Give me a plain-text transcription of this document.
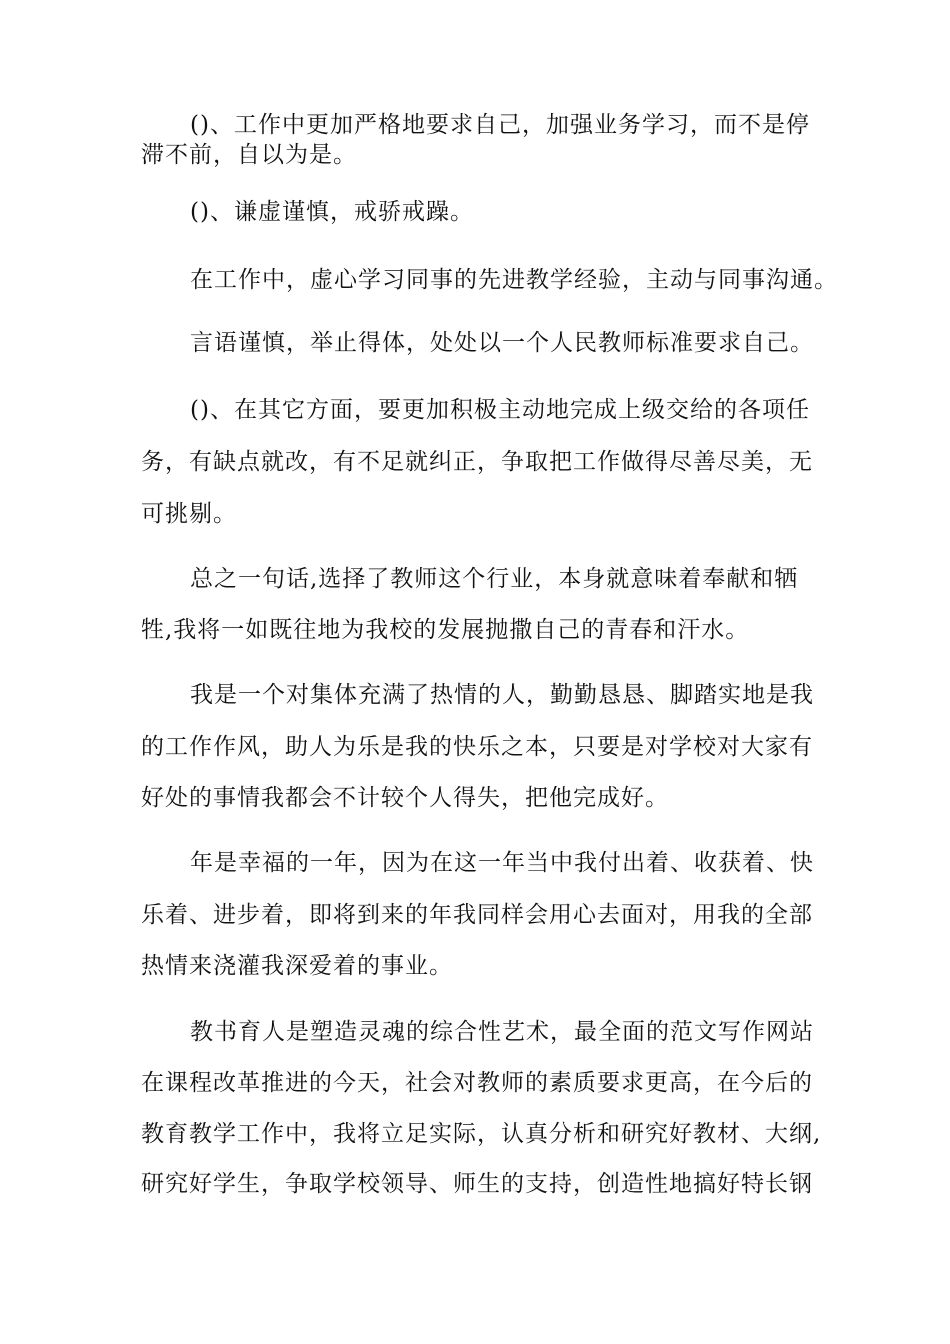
()、工作中更加严格地要求自己，加强业务学习，而不是停
滞不前，自以为是。
()、谦虚谨慎，戒骄戒躁。
在工作中，虚心学习同事的先进教学经验，主动与同事沟通。
言语谨慎，举止得体，处处以一个人民教师标准要求自己。
()、在其它方面，要更加积极主动地完成上级交给的各项任
务，有缺点就改，有不足就纠正，争取把工作做得尽善尽美，无
可挑剔。
总之一句话,选择了教师这个行业，本身就意味着奉献和牺
牲,我将一如既往地为我校的发展抛撒自己的青春和汗水。
我是一个对集体充满了热情的人，勤勤恳恳、脚踏实地是我
的工作作风，助人为乐是我的快乐之本，只要是对学校对大家有
好处的事情我都会不计较个人得失，把他完成好。
年是幸福的一年，因为在这一年当中我付出着、收获着、快
乐着、进步着，即将到来的年我同样会用心去面对，用我的全部
热情来浇灌我深爱着的事业。
教书育人是塑造灵魂的综合性艺术，最全面的范文写作网站
在课程改革推进的今天，社会对教师的素质要求更高，在今后的
教育教学工作中，我将立足实际，认真分析和研究好教材、大纲,
研究好学生，争取学校领导、师生的支持，创造性地搞好特长钢
